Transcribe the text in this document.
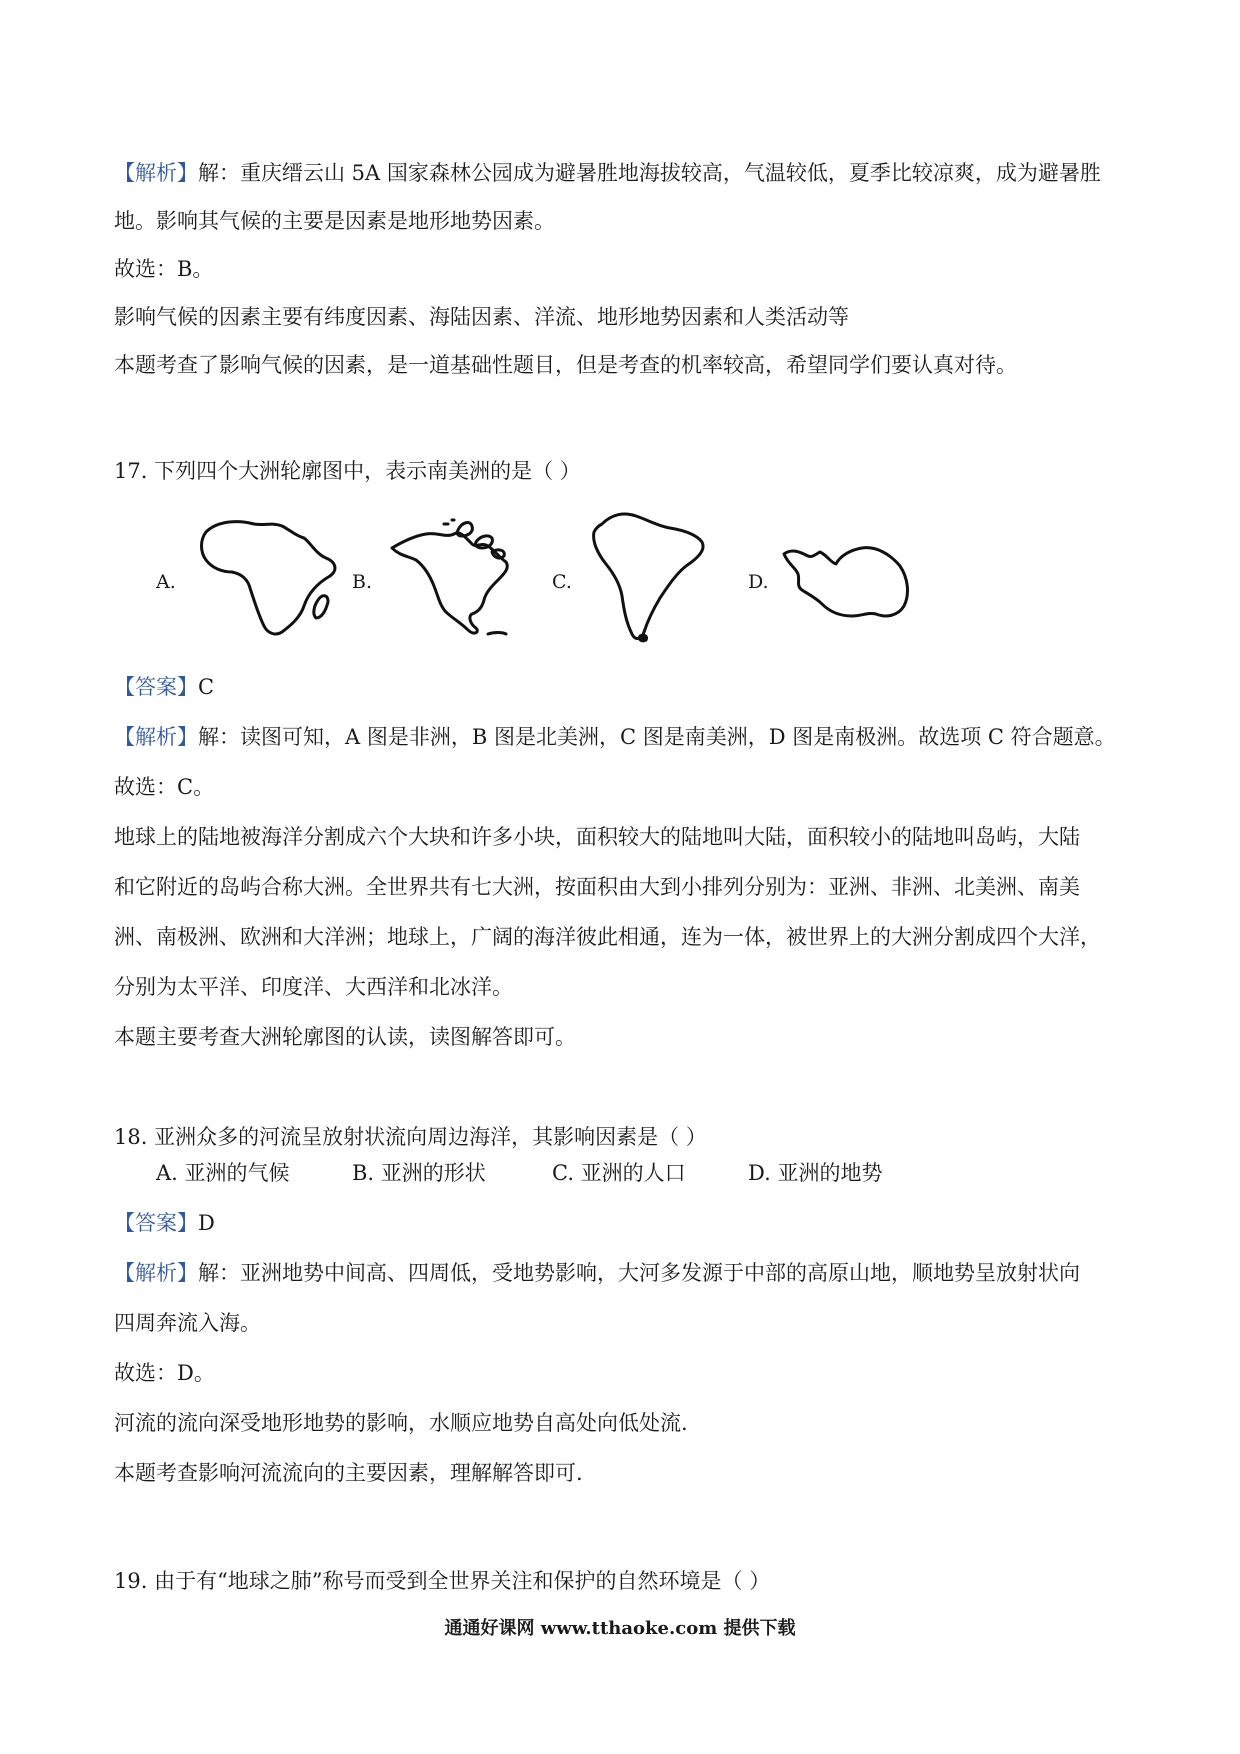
【解析】解：重庆缙云山 5A 国家森林公园成为避暑胜地海拔较高，气温较低，夏季比较凉爽，成为避暑胜
地。影响其气候的主要是因素是地形地势因素。
故选：B。
影响气候的因素主要有纬度因素、海陆因素、洋流、地形地势因素和人类活动等
本题考查了影响气候的因素，是一道基础性题目，但是考查的机率较高，希望同学们要认真对待。
17. 下列四个大洲轮廓图中，表示南美洲的是（ ）
A.	B.	C.	D.
【答案】C
【解析】解：读图可知，A 图是非洲，B 图是北美洲，C 图是南美洲，D 图是南极洲。故选项 C 符合题意。
故选：C。
地球上的陆地被海洋分割成六个大块和许多小块，面积较大的陆地叫大陆，面积较小的陆地叫岛屿，大陆
和它附近的岛屿合称大洲。全世界共有七大洲，按面积由大到小排列分别为：亚洲、非洲、北美洲、南美
洲、南极洲、欧洲和大洋洲；地球上，广阔的海洋彼此相通，连为一体，被世界上的大洲分割成四个大洋，
分别为太平洋、印度洋、大西洋和北冰洋。
本题主要考查大洲轮廓图的认读，读图解答即可。
18. 亚洲众多的河流呈放射状流向周边海洋，其影响因素是（ ）
A. 亚洲的气候	B. 亚洲的形状	C. 亚洲的人口	D. 亚洲的地势
【答案】D
【解析】解：亚洲地势中间高、四周低，受地势影响，大河多发源于中部的高原山地，顺地势呈放射状向
四周奔流入海。
故选：D。
河流的流向深受地形地势的影响，水顺应地势自高处向低处流.
本题考查影响河流流向的主要因素，理解解答即可.
19. 由于有“地球之肺”称号而受到全世界关注和保护的自然环境是（ ）
通通好课网 www.tthaoke.com 提供下载
